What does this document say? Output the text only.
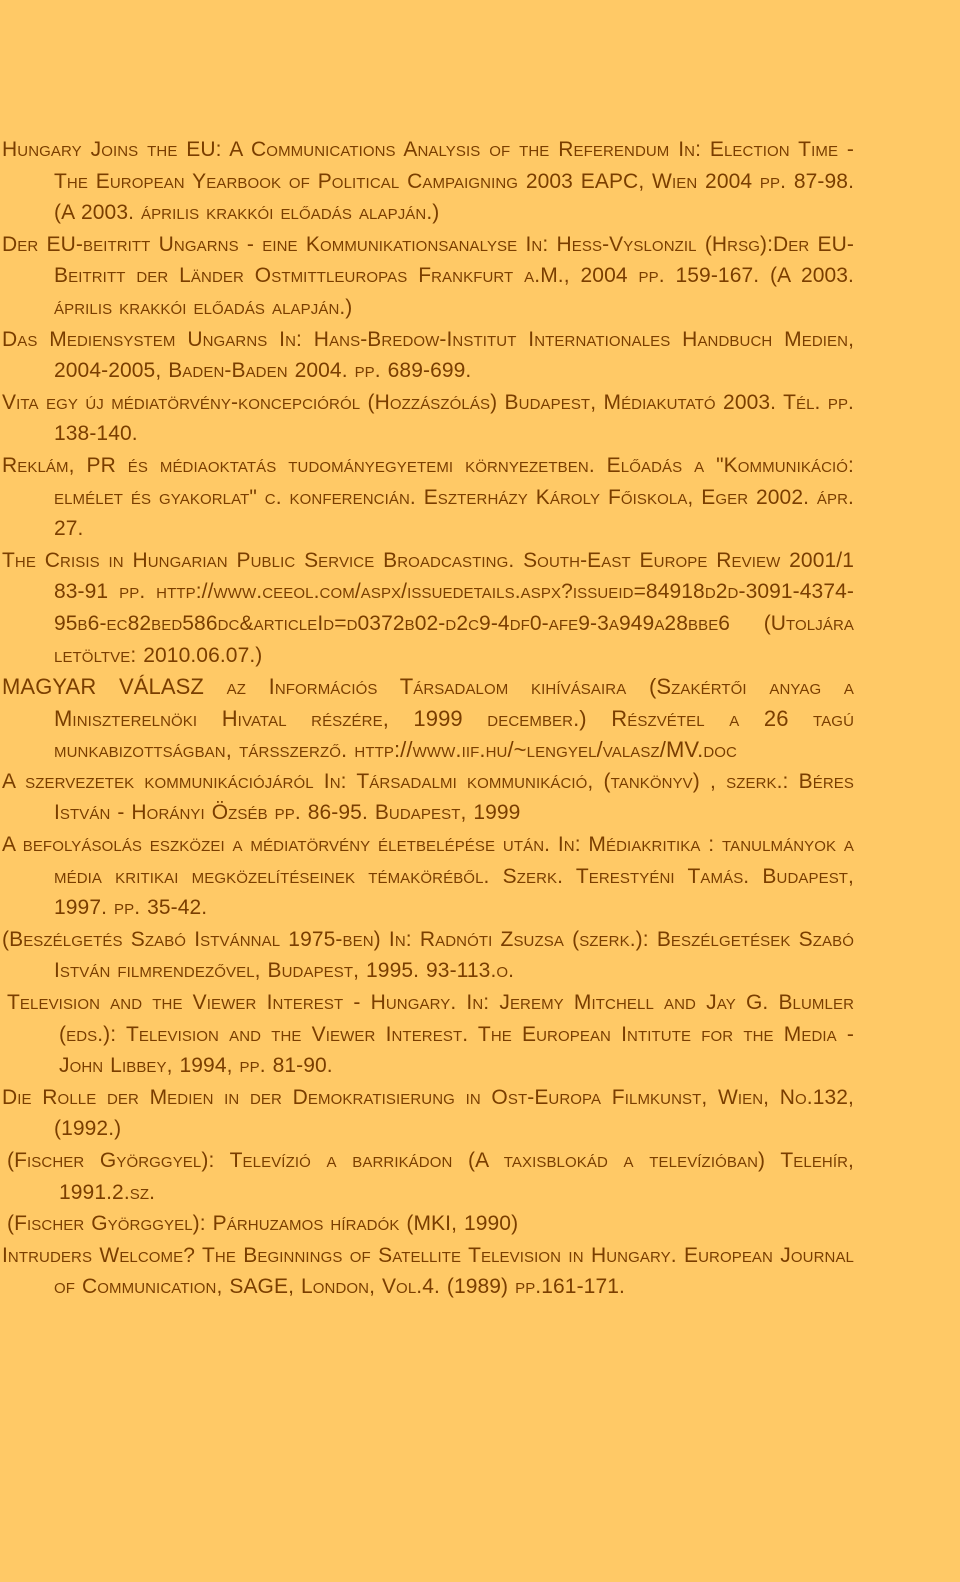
Hungary Joins the EU: A Communications Analysis of the Referendum In: Election Time - The European Yearbook of Political Campaigning 2003 EAPC, Wien 2004 pp. 87-98. (A 2003. április krakkói előadás alapján.)
Der EU-beitritt Ungarns - eine Kommunikationsanalyse In: Hess-Vyslonzil (Hrsg):Der EU-Beitritt der Länder Ostmittleuropas Frankfurt a.M., 2004 pp. 159-167. (A 2003. április krakkói előadás alapján.)
Das Mediensystem Ungarns In: Hans-Bredow-Institut Internationales Handbuch Medien, 2004-2005, Baden-Baden 2004. pp. 689-699.
Vita egy új médiatörvény-koncepcióról (Hozzászólás) Budapest, Médiakutató 2003. Tél. pp. 138-140.
Reklám, PR és médiaoktatás tudományegyetemi környezetben. Előadás a "Kommunikáció: elmélet és gyakorlat" c. konferencián. Eszterházy Károly Főiskola, Eger 2002. ápr. 27.
The Crisis in Hungarian Public Service Broadcasting. South-East Europe Review 2001/1 83-91 pp. http://www.ceeol.com/aspx/issuedetails.aspx?issueid=84918d2d-3091-4374-95b6-ec82bed586dc&articleId=d0372b02-d2c9-4df0-afe9-3a949a28bbe6 (Utoljára letöltve: 2010.06.07.)
MAGYAR VÁLASZ az Információs Társadalom kihívásaira (Szakértői anyag a Miniszterelnöki Hivatal részére, 1999 december.) Részvétel a 26 tagú munkabizottságban, társszerző. http://www.iif.hu/~lengyel/valasz/MV.doc
A szervezetek kommunikációjáról In: Társadalmi kommunikáció, (tankönyv) , szerk.: Béres István - Horányi Özséb pp. 86-95. Budapest, 1999
A befolyásolás eszközei a médiatörvény életbelépése után. In: Médiakritika : tanulmányok a média kritikai megközelítéseinek témaköréből. Szerk. Terestyéni Tamás. Budapest, 1997. pp. 35-42.
(Beszélgetés Szabó Istvánnal 1975-ben) In: Radnóti Zsuzsa (szerk.): Beszélgetések Szabó István filmrendezővel, Budapest, 1995. 93-113.o.
Television and the Viewer Interest - Hungary. In: Jeremy Mitchell and Jay G. Blumler (eds.): Television and the Viewer Interest. The European Intitute for the Media - John Libbey, 1994, pp. 81-90.
Die Rolle der Medien in der Demokratisierung in Ost-Europa Filmkunst, Wien, No.132, (1992.)
(Fischer Györggyel): Televízió a barrikádon (A taxisblokád a televízióban) Telehír, 1991.2.sz.
(Fischer Györggyel): Párhuzamos híradók (MKI, 1990)
Intruders Welcome? The Beginnings of Satellite Television in Hungary. European Journal of Communication, SAGE, London, Vol.4. (1989) pp.161-171.
